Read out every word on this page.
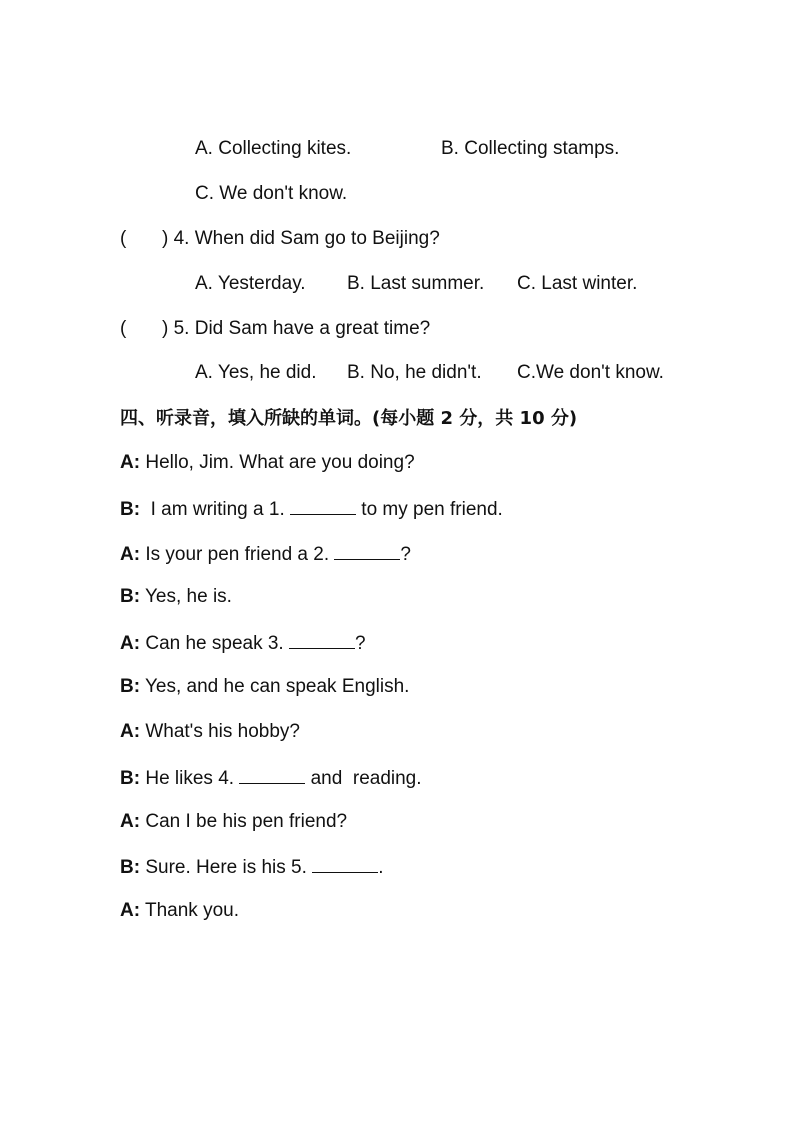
A. Collecting kites.	B. Collecting stamps.
C. We don't know.
( ) 4. When did Sam go to Beijing?
A. Yesterday. B. Last summer. C. Last winter.
( ) 5. Did Sam have a great time?
A. Yes, he did. B. No, he didn't. C.We don't know.
四、听录音，填入所缺的单词。(每小题 2 分，共 10 分)
A: Hello, Jim. What are you doing?
B:  I am writing a 1.	to my pen friend.
A: Is your pen friend a 2.	?
B: Yes, he is.
A: Can he speak 3.	?
B: Yes, and he can speak English.
A: What's his hobby?
B: He likes 4.	and  reading.
A: Can I be his pen friend?
B: Sure. Here is his 5.	.
A: Thank you.
